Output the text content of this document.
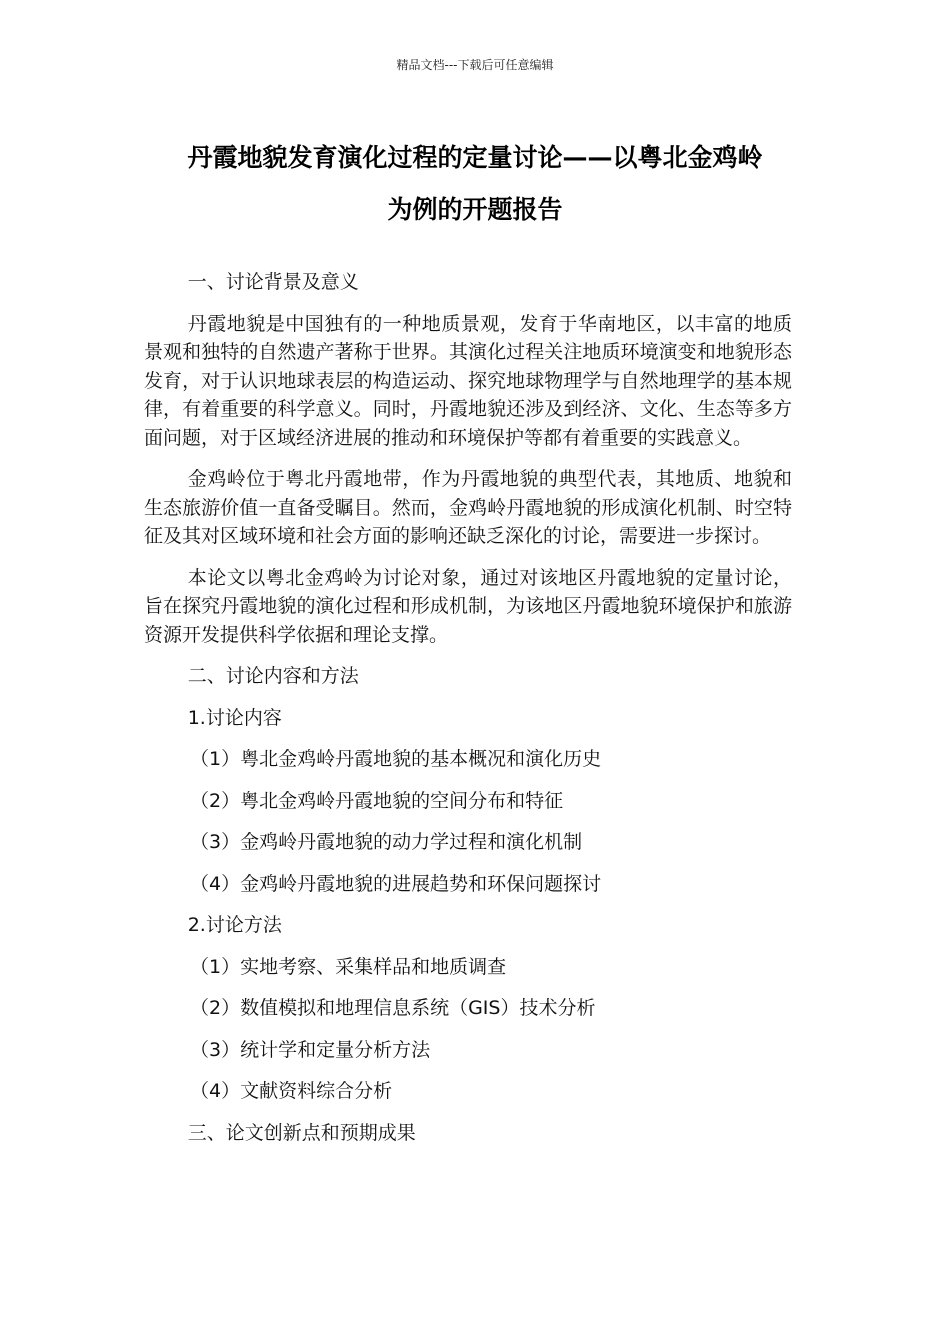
精品文档---下载后可任意编辑
丹霞地貌发育演化过程的定量讨论——以粤北金鸡岭
为例的开题报告
一、讨论背景及意义
丹霞地貌是中国独有的一种地质景观，发育于华南地区，以丰富的地质景观和独特的自然遗产著称于世界。其演化过程关注地质环境演变和地貌形态发育，对于认识地球表层的构造运动、探究地球物理学与自然地理学的基本规律，有着重要的科学意义。同时，丹霞地貌还涉及到经济、文化、生态等多方面问题，对于区域经济进展的推动和环境保护等都有着重要的实践意义。
金鸡岭位于粤北丹霞地带，作为丹霞地貌的典型代表，其地质、地貌和生态旅游价值一直备受瞩目。然而，金鸡岭丹霞地貌的形成演化机制、时空特征及其对区域环境和社会方面的影响还缺乏深化的讨论，需要进一步探讨。
本论文以粤北金鸡岭为讨论对象，通过对该地区丹霞地貌的定量讨论，旨在探究丹霞地貌的演化过程和形成机制，为该地区丹霞地貌环境保护和旅游资源开发提供科学依据和理论支撑。
二、讨论内容和方法
1.讨论内容
（1）粤北金鸡岭丹霞地貌的基本概况和演化历史
（2）粤北金鸡岭丹霞地貌的空间分布和特征
（3）金鸡岭丹霞地貌的动力学过程和演化机制
（4）金鸡岭丹霞地貌的进展趋势和环保问题探讨
2.讨论方法
（1）实地考察、采集样品和地质调查
（2）数值模拟和地理信息系统（GIS）技术分析
（3）统计学和定量分析方法
（4）文献资料综合分析
三、论文创新点和预期成果
